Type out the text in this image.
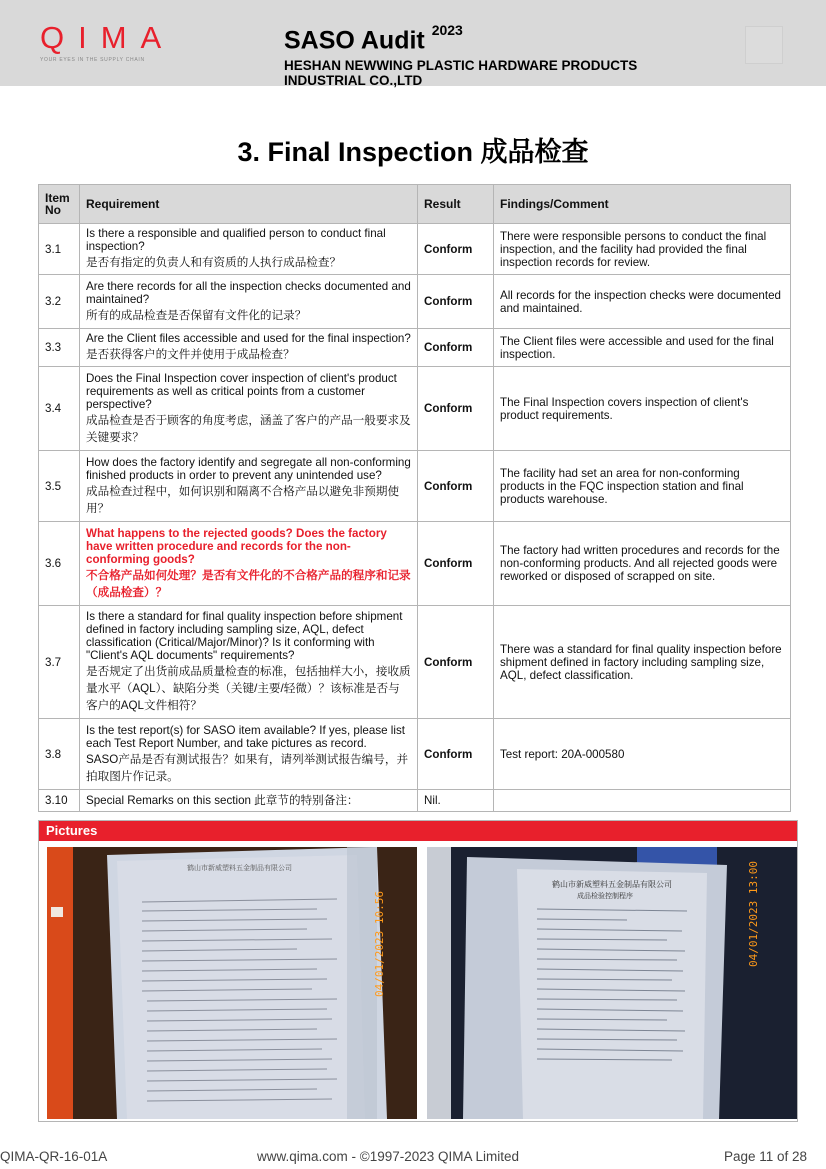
QIMA
YOUR EYES IN THE SUPPLY CHAIN
SASO Audit $^{2023}$
HESHAN NEWWING PLASTIC HARDWARE PRODUCTS INDUSTRIAL CO.,LTD
3. Final Inspection 成品检查
Item No	Requirement	Result	Findings/Comment
3.1	Is there a responsible and qualified person to conduct final inspection?
是否有指定的负责人和有资质的人执行成品检查？	Conform	There were responsible persons to conduct the final inspection, and the facility had provided the final inspection records for review.
3.2	Are there records for all the inspection checks documented and maintained?
所有的成品检查是否保留有文件化的记录？	Conform	All records for the inspection checks were documented and maintained.
3.3	Are the Client files accessible and used for the final inspection?
是否获得客户的文件并使用于成品检查？	Conform	The Client files were accessible and used for the final inspection.
3.4	Does the Final Inspection cover inspection of client's product requirements as well as critical points from a customer perspective?
成品检查是否于顾客的角度考虑，涵盖了客户的产品一般要求及关键要求？	Conform	The Final Inspection covers inspection of client's product requirements.
3.5	How does the factory identify and segregate all non-conforming finished products in order to prevent any unintended use?
成品检查过程中，如何识别和隔离不合格产品以避免非预期使用？	Conform	The facility had set an area for non-conforming products in the FQC inspection station and final products warehouse.
3.6	What happens to the rejected goods? Does the factory have written procedure and records for the non-conforming goods?
不合格产品如何处理？是否有文件化的不合格产品的程序和记录（成品检查）？	Conform	The factory had written procedures and records for the non-conforming products. And all rejected goods were reworked or disposed of scrapped on site.
3.7	Is there a standard for final quality inspection before shipment defined in factory including sampling size, AQL, defect classification (Critical/Major/Minor)? Is it conforming with "Client's AQL documents" requirements?
是否规定了出货前成品质量检查的标准，包括抽样大小，接收质量水平（AQL）、缺陷分类（关键/主要/轻微）？该标准是否与客户的AQL文件相符？	Conform	There was a standard for final quality inspection before shipment defined in factory including sampling size, AQL, defect classification.
3.8	Is the test report(s) for SASO item available? If yes, please list each Test Report Number, and take pictures as record.
SASO产品是否有测试报告？如果有，请列举测试报告编号，并拍取图片作记录。	Conform	Test report: 20A-000580
3.10	Special Remarks on this section 此章节的特别备注：	Nil.	
Pictures
鹤山市新威塑料五金制品有限公司
04/01/2023 10:56
鹤山市新威塑料五金制品有限公司
成品检验控制程序	04/01/2023 13:00
QIMA-QR-16-01A	www.qima.com - ©1997-2023 QIMA Limited	Page 11 of 28
